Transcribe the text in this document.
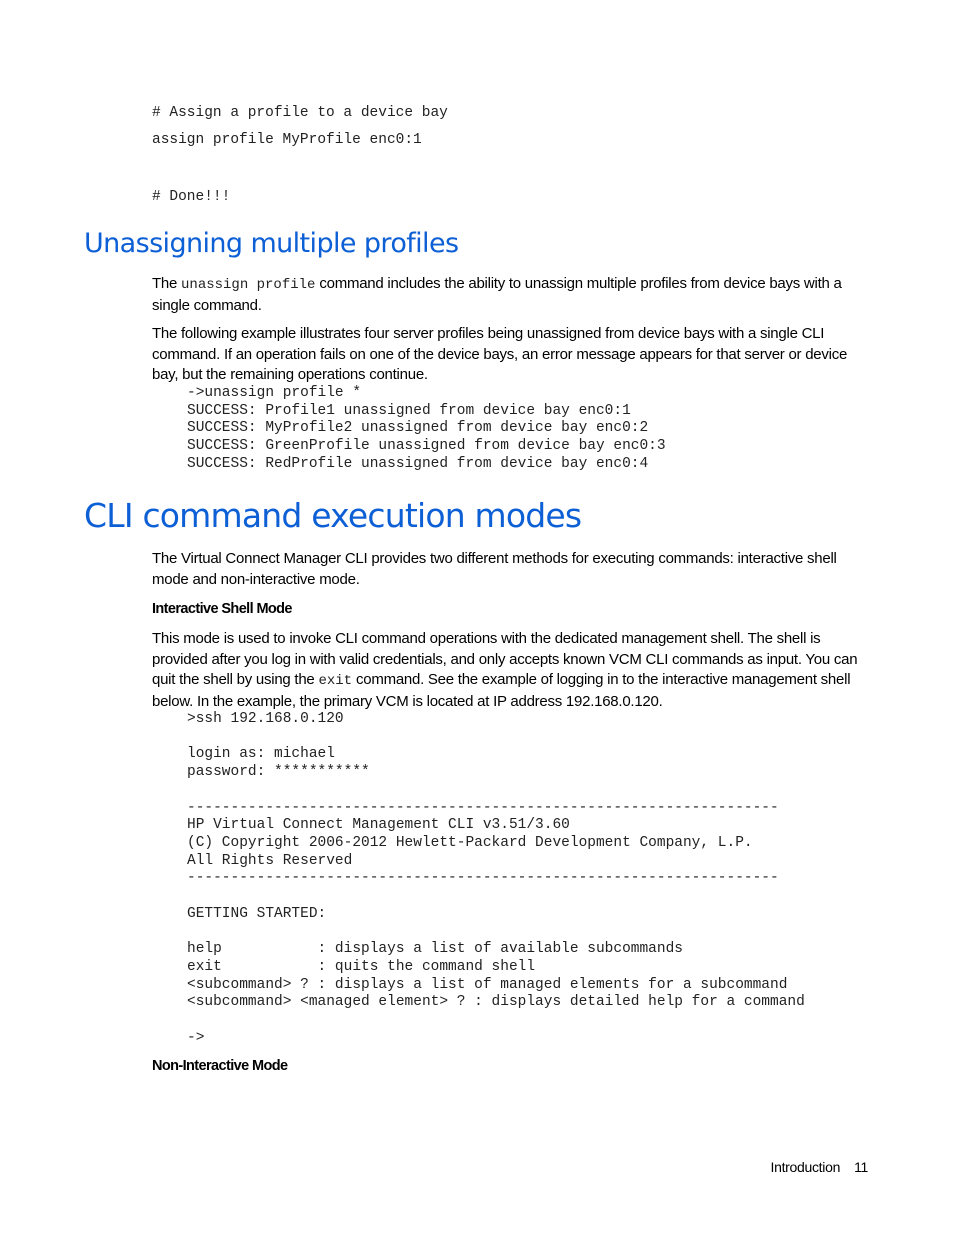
# Assign a profile to a device bay
assign profile MyProfile enc0:1
# Done!!!
Unassigning multiple profiles

The unassign profile command includes the ability to unassign multiple profiles from device bays with a single command.

The following example illustrates four server profiles being unassigned from device bays with a single CLI command. If an operation fails on one of the device bays, an error message appears for that server or device bay, but the remaining operations continue.

->unassign profile *
SUCCESS: Profile1 unassigned from device bay enc0:1
SUCCESS: MyProfile2 unassigned from device bay enc0:2
SUCCESS: GreenProfile unassigned from device bay enc0:3
SUCCESS: RedProfile unassigned from device bay enc0:4
CLI command execution modes

The Virtual Connect Manager CLI provides two different methods for executing commands: interactive shell mode and non-interactive mode.

Interactive Shell Mode

This mode is used to invoke CLI command operations with the dedicated management shell. The shell is provided after you log in with valid credentials, and only accepts known VCM CLI commands as input. You can quit the shell by using the exit command. See the example of logging in to the interactive management shell below. In the example, the primary VCM is located at IP address 192.168.0.120.

>ssh 192.168.0.120

login as: michael
password: ***********

--------------------------------------------------------------------
HP Virtual Connect Management CLI v3.51/3.60
(C) Copyright 2006-2012 Hewlett-Packard Development Company, L.P.
All Rights Reserved
--------------------------------------------------------------------

GETTING STARTED:

help           : displays a list of available subcommands
exit           : quits the command shell
<subcommand> ? : displays a list of managed elements for a subcommand
<subcommand> <managed element> ? : displays detailed help for a command

->

Non-Interactive Mode

Introduction 11
